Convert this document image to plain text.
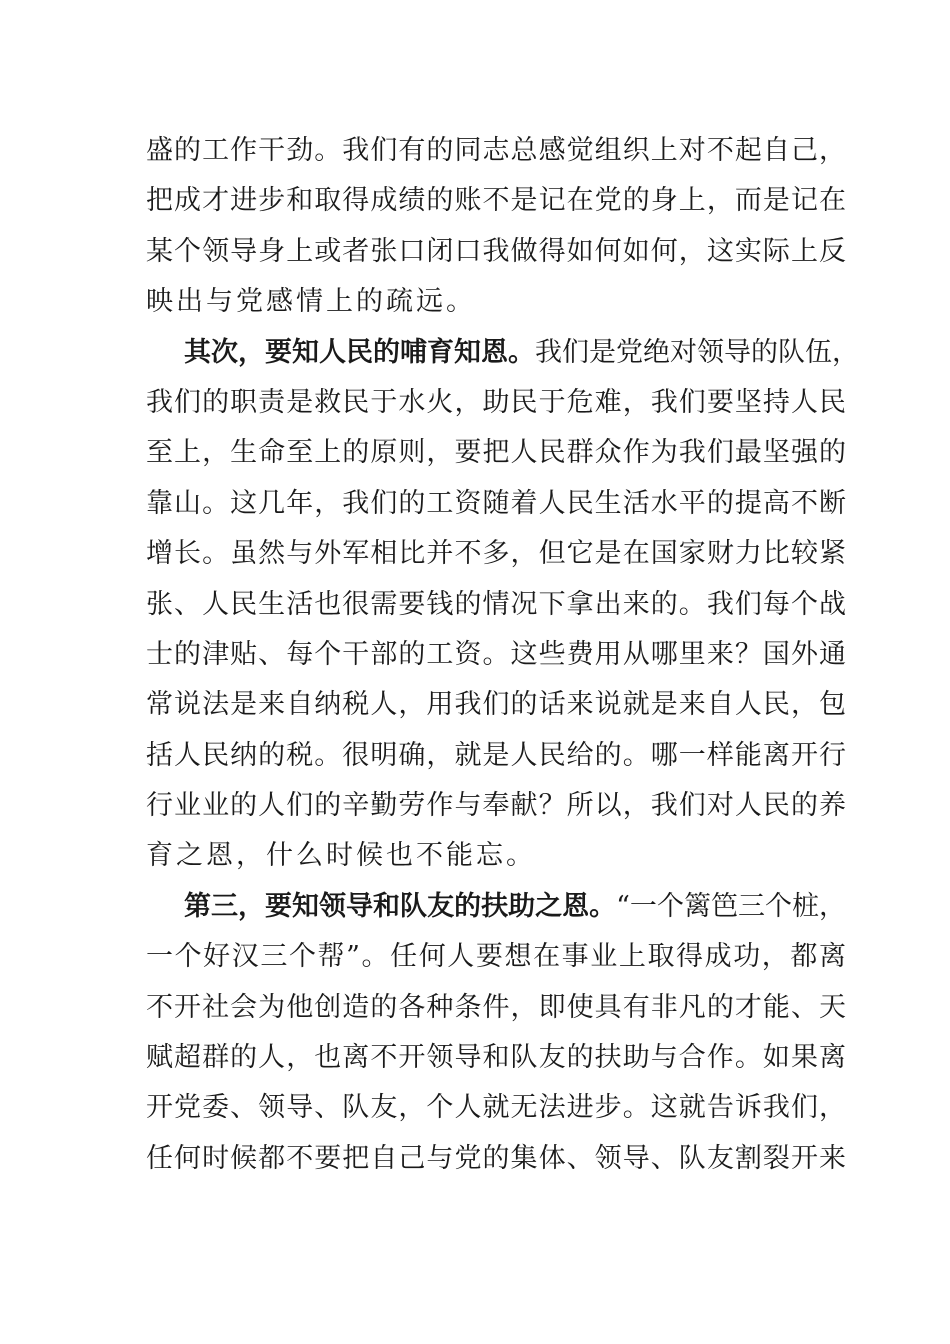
盛的工作干劲。我们有的同志总感觉组织上对不起自己，
把成才进步和取得成绩的账不是记在党的身上，而是记在
某个领导身上或者张口闭口我做得如何如何，这实际上反
映出与党感情上的疏远。
其次，要知人民的哺育知恩。我们是党绝对领导的队伍，
我们的职责是救民于水火，助民于危难，我们要坚持人民
至上，生命至上的原则，要把人民群众作为我们最坚强的
靠山。这几年，我们的工资随着人民生活水平的提高不断
增长。虽然与外军相比并不多，但它是在国家财力比较紧
张、人民生活也很需要钱的情况下拿出来的。我们每个战
士的津贴、每个干部的工资。这些费用从哪里来？国外通
常说法是来自纳税人，用我们的话来说就是来自人民，包
括人民纳的税。很明确，就是人民给的。哪一样能离开行
行业业的人们的辛勤劳作与奉献？所以，我们对人民的养
育之恩，什么时候也不能忘。
第三，要知领导和队友的扶助之恩。“一个篱笆三个桩，
一个好汉三个帮”。任何人要想在事业上取得成功，都离
不开社会为他创造的各种条件，即使具有非凡的才能、天
赋超群的人，也离不开领导和队友的扶助与合作。如果离
开党委、领导、队友，个人就无法进步。这就告诉我们，
任何时候都不要把自己与党的集体、领导、队友割裂开来
